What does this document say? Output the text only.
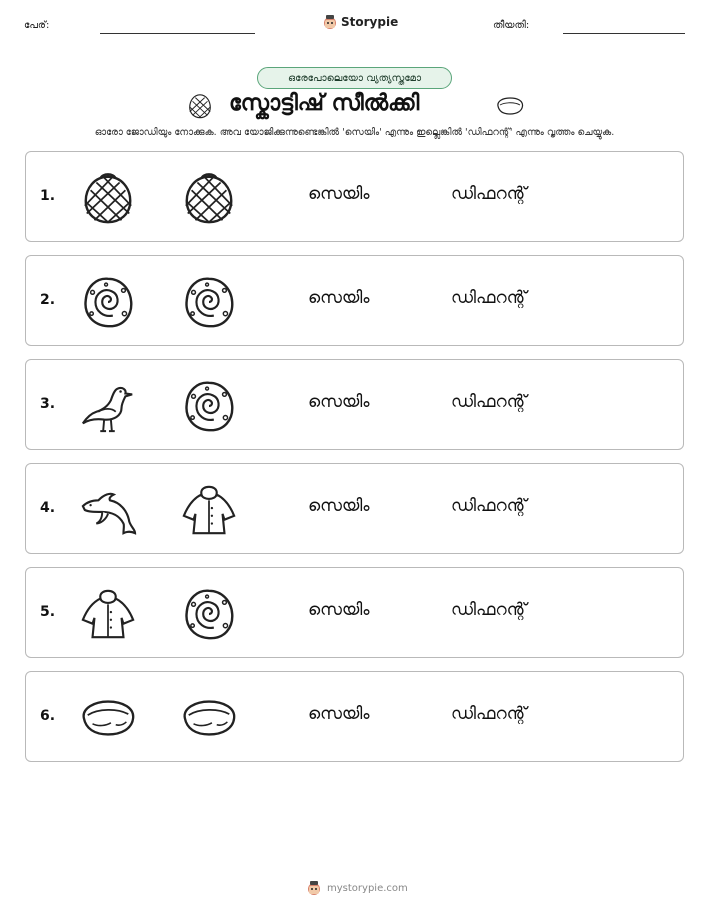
പേര്:	Storypie	തീയതി:
ഒരേപോലെയോ വ്യത്യസ്തമോ
സ്കോട്ടിഷ് സീൽക്കി
ഓരോ ജോഡിയും നോക്കുക. അവ യോജിക്കുന്നുണ്ടെങ്കിൽ 'സെയിം' എന്നും ഇല്ലെങ്കിൽ 'ഡിഫറന്റ്' എന്നും വൃത്തം ചെയ്യുക.
1.	സെയിം	ഡിഫറന്റ്
2.	സെയിം	ഡിഫറന്റ്
3.	സെയിം	ഡിഫറന്റ്
4.	സെയിം	ഡിഫറന്റ്
5.	സെയിം	ഡിഫറന്റ്
6.	സെയിം	ഡിഫറന്റ്
mystorypie.com
